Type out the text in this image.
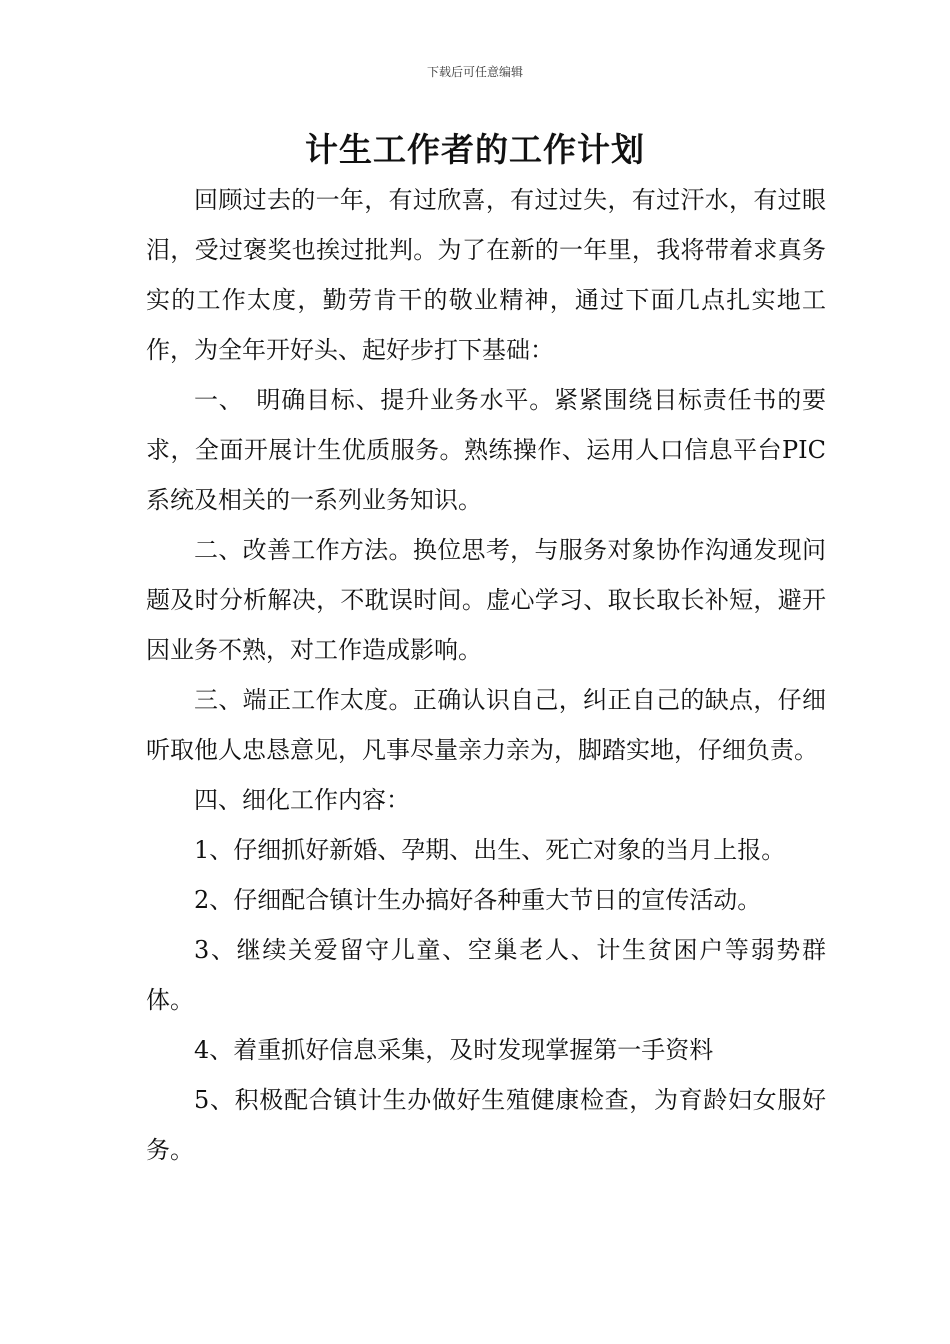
下载后可任意编辑
计生工作者的工作计划

回顾过去的一年，有过欣喜，有过过失，有过汗水，有过眼泪，受过褒奖也挨过批判。为了在新的一年里，我将带着求真务实的工作太度，勤劳肯干的敬业精神，通过下面几点扎实地工作，为全年开好头、起好步打下基础：

一、　明确目标、提升业务水平。紧紧围绕目标责任书的要求，全面开展计生优质服务。熟练操作、运用人口信息平台PIC系统及相关的一系列业务知识。

二、改善工作方法。换位思考，与服务对象协作沟通发现问题及时分析解决，不耽误时间。虚心学习、取长取长补短，避开因业务不熟，对工作造成影响。

三、端正工作太度。正确认识自己，纠正自己的缺点，仔细听取他人忠恳意见，凡事尽量亲力亲为，脚踏实地，仔细负责。

四、细化工作内容：

1、仔细抓好新婚、孕期、出生、死亡对象的当月上报。

2、仔细配合镇计生办搞好各种重大节日的宣传活动。

3、继续关爱留守儿童、空巢老人、计生贫困户等弱势群体。

4、着重抓好信息采集，及时发现掌握第一手资料

5、积极配合镇计生办做好生殖健康检查，为育龄妇女服好务。
